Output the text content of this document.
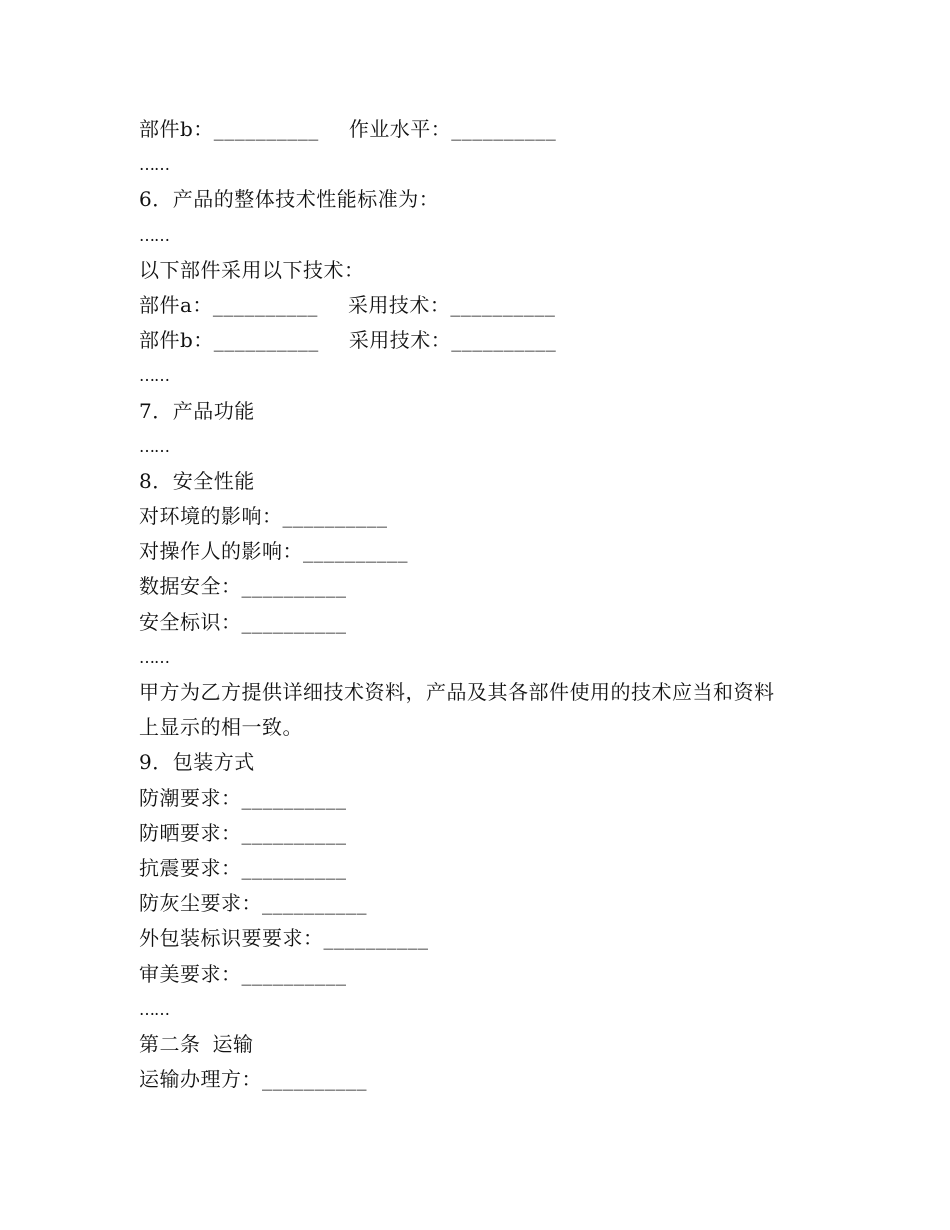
部件b：__________ 作业水平：__________
……
6．产品的整体技术性能标准为：
……
以下部件采用以下技术：
部件a：__________ 采用技术：__________
部件b：__________ 采用技术：__________
……
7．产品功能
……
8．安全性能
对环境的影响：__________
对操作人的影响：__________
数据安全：__________
安全标识：__________
……
甲方为乙方提供详细技术资料，产品及其各部件使用的技术应当和资料
上显示的相一致。
9．包装方式
防潮要求：__________
防晒要求：__________
抗震要求：__________
防灰尘要求：__________
外包装标识要要求：__________
审美要求：__________
……
第二条 运输
运输办理方：__________
